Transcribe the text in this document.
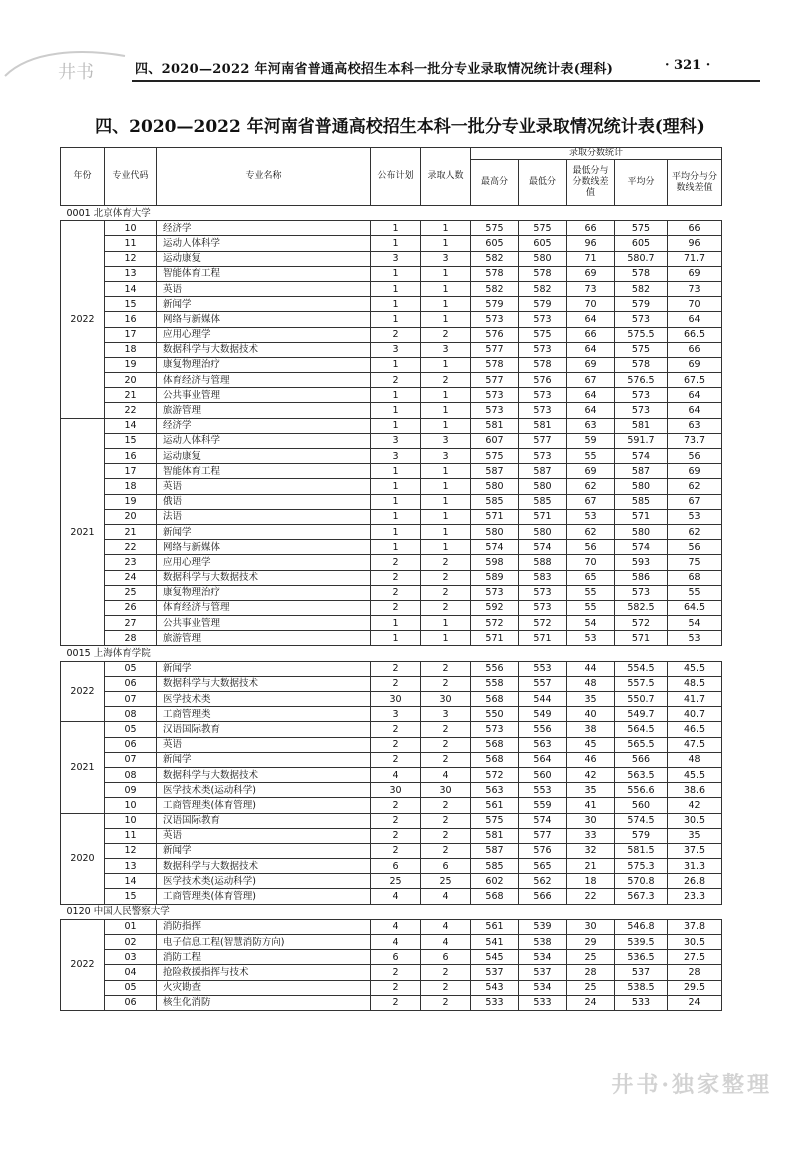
井书	四、2020—2022 年河南省普通高校招生本科一批分专业录取情况统计表(理科)	· 321 ·
四、2020—2022 年河南省普通高校招生本科一批分专业录取情况统计表(理科)
年份	专业代码	专业名称	公布计划	录取人数	录取分数统计				
					最高分	最低分	最低分与分数线差值	平均分	平均分与分数线差值
0001 北京体育大学									
2022	10	经济学	1	1	575	575	66	575	66
	11	运动人体科学	1	1	605	605	96	605	96
	12	运动康复	3	3	582	580	71	580.7	71.7
	13	智能体育工程	1	1	578	578	69	578	69
	14	英语	1	1	582	582	73	582	73
	15	新闻学	1	1	579	579	70	579	70
	16	网络与新媒体	1	1	573	573	64	573	64
	17	应用心理学	2	2	576	575	66	575.5	66.5
	18	数据科学与大数据技术	3	3	577	573	64	575	66
	19	康复物理治疗	1	1	578	578	69	578	69
	20	体育经济与管理	2	2	577	576	67	576.5	67.5
	21	公共事业管理	1	1	573	573	64	573	64
	22	旅游管理	1	1	573	573	64	573	64
2021	14	经济学	1	1	581	581	63	581	63
	15	运动人体科学	3	3	607	577	59	591.7	73.7
	16	运动康复	3	3	575	573	55	574	56
	17	智能体育工程	1	1	587	587	69	587	69
	18	英语	1	1	580	580	62	580	62
	19	俄语	1	1	585	585	67	585	67
	20	法语	1	1	571	571	53	571	53
	21	新闻学	1	1	580	580	62	580	62
	22	网络与新媒体	1	1	574	574	56	574	56
	23	应用心理学	2	2	598	588	70	593	75
	24	数据科学与大数据技术	2	2	589	583	65	586	68
	25	康复物理治疗	2	2	573	573	55	573	55
	26	体育经济与管理	2	2	592	573	55	582.5	64.5
	27	公共事业管理	1	1	572	572	54	572	54
	28	旅游管理	1	1	571	571	53	571	53
0015 上海体育学院									
2022	05	新闻学	2	2	556	553	44	554.5	45.5
	06	数据科学与大数据技术	2	2	558	557	48	557.5	48.5
	07	医学技术类	30	30	568	544	35	550.7	41.7
	08	工商管理类	3	3	550	549	40	549.7	40.7
2021	05	汉语国际教育	2	2	573	556	38	564.5	46.5
	06	英语	2	2	568	563	45	565.5	47.5
	07	新闻学	2	2	568	564	46	566	48
	08	数据科学与大数据技术	4	4	572	560	42	563.5	45.5
	09	医学技术类(运动科学)	30	30	563	553	35	556.6	38.6
	10	工商管理类(体育管理)	2	2	561	559	41	560	42
2020	10	汉语国际教育	2	2	575	574	30	574.5	30.5
	11	英语	2	2	581	577	33	579	35
	12	新闻学	2	2	587	576	32	581.5	37.5
	13	数据科学与大数据技术	6	6	585	565	21	575.3	31.3
	14	医学技术类(运动科学)	25	25	602	562	18	570.8	26.8
	15	工商管理类(体育管理)	4	4	568	566	22	567.3	23.3
0120 中国人民警察大学									
2022	01	消防指挥	4	4	561	539	30	546.8	37.8
	02	电子信息工程(智慧消防方向)	4	4	541	538	29	539.5	30.5
	03	消防工程	6	6	545	534	25	536.5	27.5
	04	抢险救援指挥与技术	2	2	537	537	28	537	28
	05	火灾勘查	2	2	543	534	25	538.5	29.5
	06	核生化消防	2	2	533	533	24	533	24
井书·独家整理
